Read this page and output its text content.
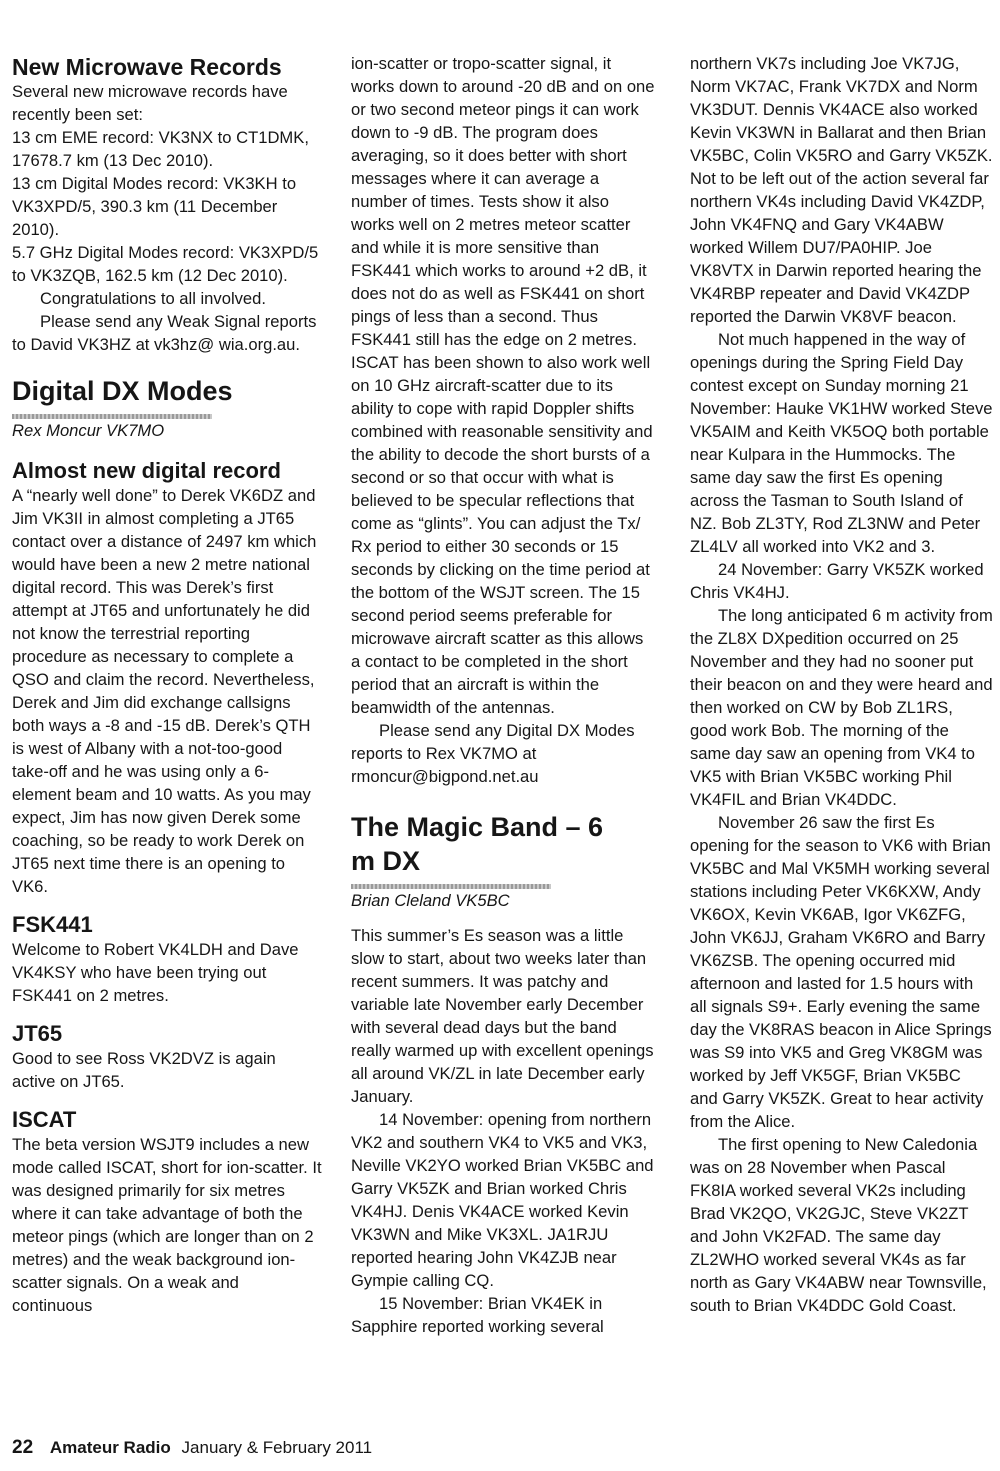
New Microwave Records

Several new microwave records have recently been set:

13 cm EME record: VK3NX to CT1DMK, 17678.7 km (13 Dec 2010).

13 cm Digital Modes record: VK3KH to VK3XPD/5, 390.3 km (11 December 2010).

5.7 GHz Digital Modes record: VK3XPD/5 to VK3ZQB, 162.5 km (12 Dec 2010).

Congratulations to all involved.

Please send any Weak Signal reports to David VK3HZ at vk3hz@ wia.org.au.

Digital DX Modes

Rex Moncur VK7MO

Almost new digital record

A “nearly well done” to Derek VK6DZ and Jim VK3II in almost completing a JT65 contact over a distance of 2497 km which would have been a new 2 metre national digital record. This was Derek’s first attempt at JT65 and unfortunately he did not know the terrestrial reporting procedure as necessary to complete a QSO and claim the record. Nevertheless, Derek and Jim did exchange callsigns both ways a -8 and -15 dB. Derek’s QTH is west of Albany with a not-too-good take-off and he was using only a 6-element beam and 10 watts. As you may expect, Jim has now given Derek some coaching, so be ready to work Derek on JT65 next time there is an opening to VK6.

FSK441

Welcome to Robert VK4LDH and Dave VK4KSY who have been trying out FSK441 on 2 metres.

JT65

Good to see Ross VK2DVZ is again active on JT65.

ISCAT

The beta version WSJT9 includes a new mode called ISCAT, short for ion-scatter. It was designed primarily for six metres where it can take advantage of both the meteor pings (which are longer than on 2 metres) and the weak background ion-scatter signals. On a weak and continuous

ion-scatter or tropo-scatter signal, it works down to around -20 dB and on one or two second meteor pings it can work down to -9 dB. The program does averaging, so it does better with short messages where it can average a number of times. Tests show it also works well on 2 metres meteor scatter and while it is more sensitive than FSK441 which works to around +2 dB, it does not do as well as FSK441 on short pings of less than a second. Thus FSK441 still has the edge on 2 metres. ISCAT has been shown to also work well on 10 GHz aircraft-scatter due to its ability to cope with rapid Doppler shifts combined with reasonable sensitivity and the ability to decode the short bursts of a second or so that occur with what is believed to be specular reflections that come as “glints”. You can adjust the Tx/ Rx period to either 30 seconds or 15 seconds by clicking on the time period at the bottom of the WSJT screen. The 15 second period seems preferable for microwave aircraft scatter as this allows a contact to be completed in the short period that an aircraft is within the beamwidth of the antennas.

Please send any Digital DX Modes reports to Rex VK7MO at rmoncur@bigpond.net.au

The Magic Band – 6 m DX

Brian Cleland VK5BC

This summer’s Es season was a little slow to start, about two weeks later than recent summers. It was patchy and variable late November early December with several dead days but the band really warmed up with excellent openings all around VK/ZL in late December early January.

14 November: opening from northern VK2 and southern VK4 to VK5 and VK3, Neville VK2YO worked Brian VK5BC and Garry VK5ZK and Brian worked Chris VK4HJ. Denis VK4ACE worked Kevin VK3WN and Mike VK3XL. JA1RJU reported hearing John VK4ZJB near Gympie calling CQ.

15 November: Brian VK4EK in Sapphire reported working several

northern VK7s including Joe VK7JG, Norm VK7AC, Frank VK7DX and Norm VK3DUT. Dennis VK4ACE also worked Kevin VK3WN in Ballarat and then Brian VK5BC, Colin VK5RO and Garry VK5ZK. Not to be left out of the action several far northern VK4s including David VK4ZDP, John VK4FNQ and Gary VK4ABW worked Willem DU7/PA0HIP. Joe VK8VTX in Darwin reported hearing the VK4RBP repeater and David VK4ZDP reported the Darwin VK8VF beacon.

Not much happened in the way of openings during the Spring Field Day contest except on Sunday morning 21 November: Hauke VK1HW worked Steve VK5AIM and Keith VK5OQ both portable near Kulpara in the Hummocks. The same day saw the first Es opening across the Tasman to South Island of NZ. Bob ZL3TY, Rod ZL3NW and Peter ZL4LV all worked into VK2 and 3.

24 November: Garry VK5ZK worked Chris VK4HJ.

The long anticipated 6 m activity from the ZL8X DXpedition occurred on 25 November and they had no sooner put their beacon on and they were heard and then worked on CW by Bob ZL1RS, good work Bob. The morning of the same day saw an opening from VK4 to VK5 with Brian VK5BC working Phil VK4FIL and Brian VK4DDC.

November 26 saw the first Es opening for the season to VK6 with Brian VK5BC and Mal VK5MH working several stations including Peter VK6KXW, Andy VK6OX, Kevin VK6AB, Igor VK6ZFG, John VK6JJ, Graham VK6RO and Barry VK6ZSB. The opening occurred mid afternoon and lasted for 1.5 hours with all signals S9+. Early evening the same day the VK8RAS beacon in Alice Springs was S9 into VK5 and Greg VK8GM was worked by Jeff VK5GF, Brian VK5BC and Garry VK5ZK. Great to hear activity from the Alice.

The first opening to New Caledonia was on 28 November when Pascal FK8IA worked several VK2s including Brad VK2QO, VK2GJC, Steve VK2ZT and John VK2FAD. The same day ZL2WHO worked several VK4s as far north as Gary VK4ABW near Townsville, south to Brian VK4DDC Gold Coast.

22 Amateur Radio January & February 2011
